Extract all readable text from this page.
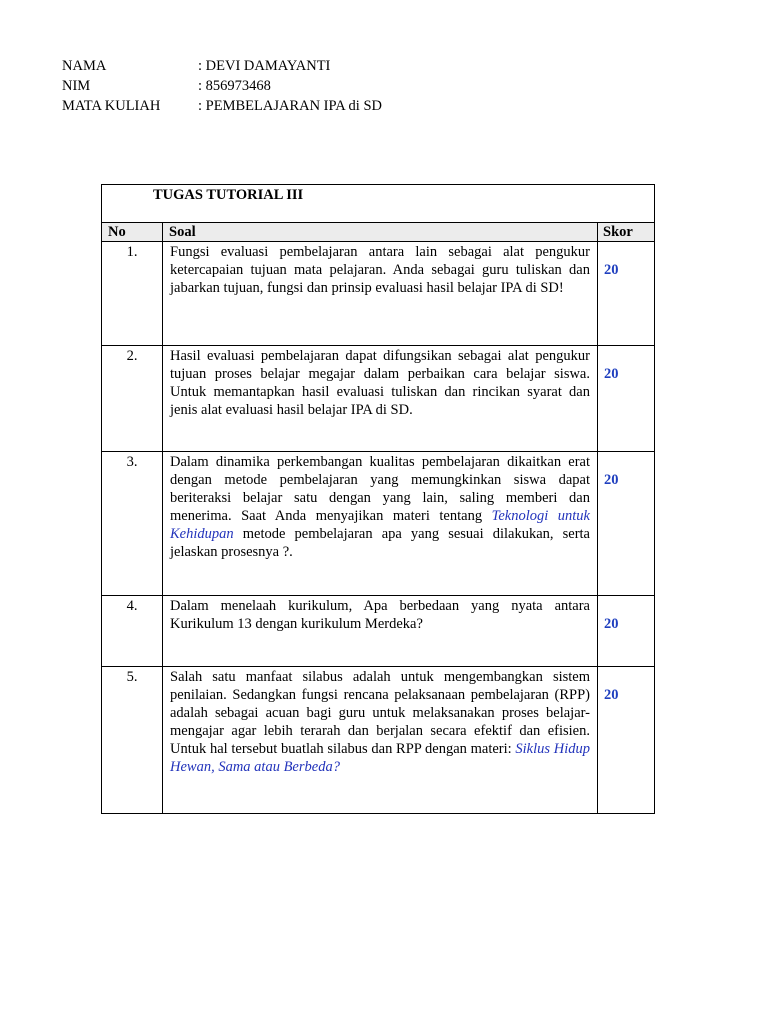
NAMA	: DEVI DAMAYANTI
NIM	: 856973468
MATA KULIAH	: PEMBELAJARAN IPA di SD
TUGAS TUTORIAL III		
No	Soal	Skor
1.	Fungsi evaluasi pembelajaran antara lain sebagai alat pengukur ketercapaian tujuan mata pelajaran. Anda sebagai guru tuliskan dan jabarkan tujuan, fungsi dan prinsip evaluasi hasil belajar IPA di SD!	20
2.	Hasil evaluasi pembelajaran dapat difungsikan sebagai alat pengukur tujuan proses belajar megajar dalam perbaikan cara belajar siswa. Untuk memantapkan hasil evaluasi tuliskan dan rincikan syarat dan jenis alat evaluasi hasil belajar IPA di SD.	20
3.	Dalam dinamika perkembangan kualitas pembelajaran dikaitkan erat dengan metode pembelajaran yang memungkinkan siswa dapat beriteraksi belajar satu dengan yang lain, saling memberi dan menerima. Saat Anda menyajikan materi tentang Teknologi untuk Kehidupan metode pembelajaran apa yang sesuai dilakukan, serta jelaskan prosesnya ?.	20
4.	Dalam menelaah kurikulum, Apa berbedaan yang nyata antara Kurikulum 13 dengan kurikulum Merdeka?	20
5.	Salah satu manfaat silabus adalah untuk mengembangkan sistem penilaian. Sedangkan fungsi rencana pelaksanaan pembelajaran (RPP) adalah sebagai acuan bagi guru untuk melaksanakan proses belajar-mengajar agar lebih terarah dan berjalan secara efektif dan efisien. Untuk hal tersebut buatlah silabus dan RPP dengan materi: Siklus Hidup Hewan, Sama atau Berbeda?	20
